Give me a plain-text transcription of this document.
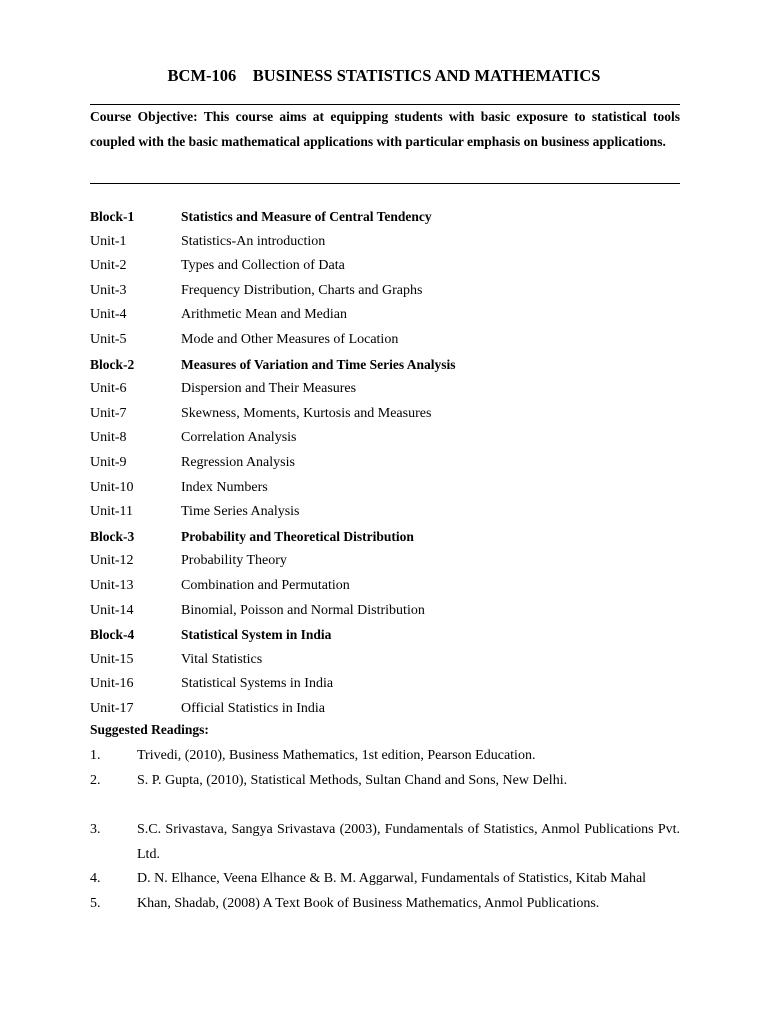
BCM-106    BUSINESS STATISTICS AND MATHEMATICS
Course Objective: This course aims at equipping students with basic exposure to statistical tools coupled with the basic mathematical applications with particular emphasis on business applications.
Block-1	Statistics and Measure of Central Tendency
Unit-1	Statistics-An introduction
Unit-2	Types and Collection of Data
Unit-3	Frequency Distribution, Charts and Graphs
Unit-4	Arithmetic Mean and Median
Unit-5	Mode and Other Measures of Location
Block-2	Measures of Variation and Time Series Analysis
Unit-6	Dispersion and Their Measures
Unit-7	Skewness, Moments, Kurtosis and Measures
Unit-8	Correlation Analysis
Unit-9	Regression Analysis
Unit-10	Index Numbers
Unit-11	Time Series Analysis
Block-3	Probability and Theoretical Distribution
Unit-12	Probability Theory
Unit-13	Combination and Permutation
Unit-14	Binomial, Poisson and Normal Distribution
Block-4	Statistical System in India
Unit-15	Vital Statistics
Unit-16	Statistical Systems in India
Unit-17	Official Statistics in India
Suggested Readings:
1.	Trivedi, (2010), Business Mathematics, 1st edition, Pearson Education.
2.	S. P. Gupta, (2010), Statistical Methods, Sultan Chand and Sons, New Delhi.
3.	S.C. Srivastava, Sangya Srivastava (2003), Fundamentals of Statistics, Anmol Publications Pvt. Ltd.
4.	D. N. Elhance, Veena Elhance & B. M. Aggarwal, Fundamentals of Statistics, Kitab Mahal
5.	Khan, Shadab, (2008) A Text Book of Business Mathematics, Anmol Publications.
